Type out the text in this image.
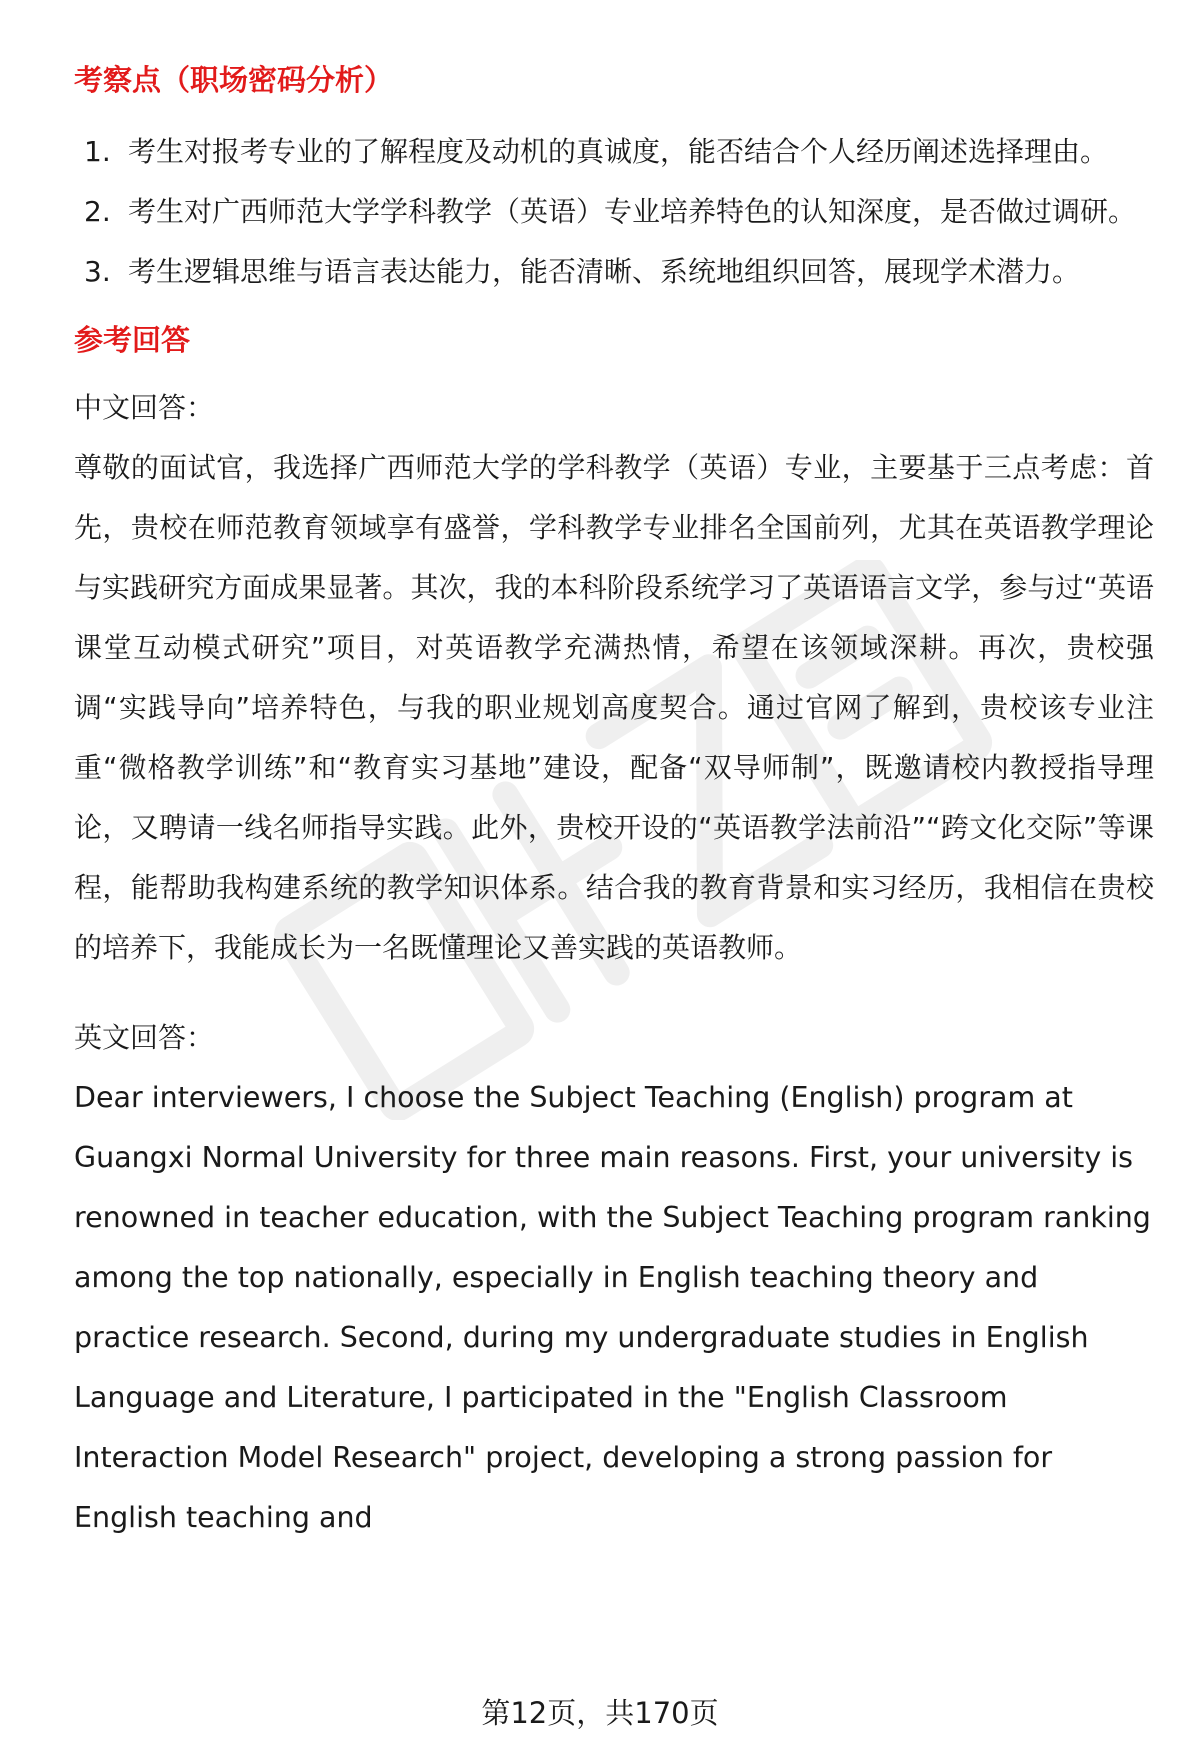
考察点（职场密码分析）
1. 考生对报考专业的了解程度及动机的真诚度，能否结合个人经历阐述选择理由。
2. 考生对广西师范大学学科教学（英语）专业培养特色的认知深度，是否做过调研。
3. 考生逻辑思维与语言表达能力，能否清晰、系统地组织回答，展现学术潜力。
参考回答

中文回答：

尊敬的面试官，我选择广西师范大学的学科教学（英语）专业，主要基于三点考虑：首先，贵校在师范教育领域享有盛誉，学科教学专业排名全国前列，尤其在英语教学理论与实践研究方面成果显著。其次，我的本科阶段系统学习了英语语言文学，参与过“英语课堂互动模式研究”项目，对英语教学充满热情，希望在该领域深耕。再次，贵校强调“实践导向”培养特色，与我的职业规划高度契合。通过官网了解到，贵校该专业注重“微格教学训练”和“教育实习基地”建设，配备“双导师制”，既邀请校内教授指导理论，又聘请一线名师指导实践。此外，贵校开设的“英语教学法前沿”“跨文化交际”等课程，能帮助我构建系统的教学知识体系。结合我的教育背景和实习经历，我相信在贵校的培养下，我能成长为一名既懂理论又善实践的英语教师。

英文回答：

Dear interviewers, I choose the Subject Teaching (English) program at Guangxi Normal University for three main reasons. First, your university is renowned in teacher education, with the Subject Teaching program ranking among the top nationally, especially in English teaching theory and practice research. Second, during my undergraduate studies in English Language and Literature, I participated in the "English Classroom Interaction Model Research" project, developing a strong passion for English teaching and

第12页，共170页
